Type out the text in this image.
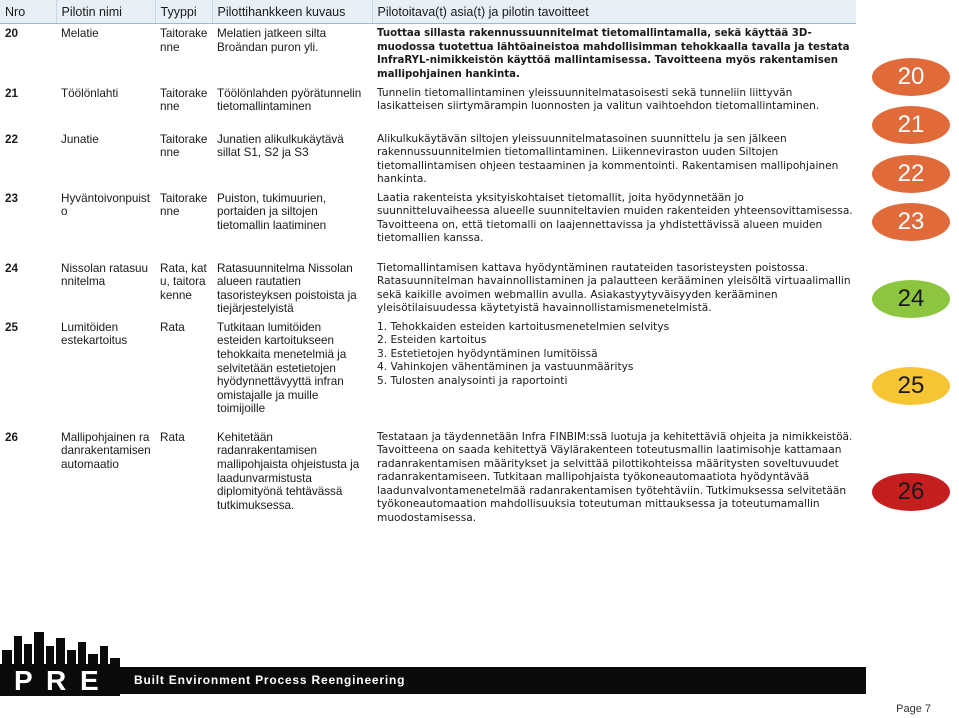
Nro	Pilotin nimi	Tyyppi	Pilottihankkeen kuvaus	Pilotoitava(t) asia(t) ja pilotin tavoitteet
20	Melatie	Taitorakenne	Melatien jatkeen silta Broändan puron yli.	Tuottaa sillasta rakennussuunnitelmat tietomallintamalla, sekä käyttää 3D-muodossa tuotettua lähtöaineistoa mahdollisimman tehokkaalla tavalla ja testata InfraRYL-nimikkeistön käyttöä mallintamisessa. Tavoitteena myös rakentamisen mallipohjainen hankinta.
21	Töölönlahti	Taitorakenne	Töölönlahden pyörätunnelin tietomallintaminen	Tunnelin tietomallintaminen yleissuunnitelmatasoisesti sekä tunneliin liittyvän lasikatteisen siirtymärampin luonnosten ja valitun vaihtoehdon tietomallintaminen.
22	Junatie	Taitorakenne	Junatien alikulkukäytävä sillat S1, S2 ja S3	Alikulkukäytävän siltojen yleissuunnitelmatasoinen suunnittelu ja sen jälkeen rakennussuunnitelmien tietomallintaminen. Liikenneviraston uuden Siltojen tietomallintamisen ohjeen testaaminen ja kommentointi. Rakentamisen mallipohjainen hankinta.
23	Hyväntoivonpuisto	Taitorakenne	Puiston, tukimuurien, portaiden ja siltojen tietomallin laatiminen	Laatia rakenteista yksityiskohtaiset tietomallit, joita hyödynnetään jo suunnitteluvaiheessa alueelle suunniteltavien muiden rakenteiden yhteensovittamisessa. Tavoitteena on, että tietomalli on laajennettavissa ja yhdistettävissä alueen muiden tietomallien kanssa.
24	Nissolan ratasuunnitelma	Rata, katu, taitorakenne	Ratasuunnitelma Nissolan alueen rautatien tasoristeyksen poistoista ja tiejärjestelyistä	Tietomallintamisen kattava hyödyntäminen rautateiden tasoristeysten poistossa. Ratasuunnitelman havainnollistaminen ja palautteen kerääminen yleisöltä virtuaalimallin sekä kaikille avoimen webmallin avulla. Asiakastyytyväisyyden kerääminen yleisötilaisuudessa käytetyistä havainnollistamismenetelmistä.
25	Lumitöiden estekartoitus	Rata	Tutkitaan lumitöiden esteiden kartoitukseen tehokkaita menetelmiä ja selvitetään estetietojen hyödynnettävyyttä infran omistajalle ja muille toimijoille	1. Tehokkaiden esteiden kartoitusmenetelmien selvitys
2. Esteiden kartoitus
3. Estetietojen hyödyntäminen lumitöissä
4. Vahinkojen vähentäminen ja vastuunmääritys
5. Tulosten analysointi ja raportointi

26	Mallipohjainen radanrakentamisen automaatio	Rata	Kehitetään radanrakentamisen mallipohjaista ohjeistusta ja laadunvarmistusta diplomityönä tehtävässä tutkimuksessa.	Testataan ja täydennetään Infra FINBIM:ssä luotuja ja kehitettäviä ohjeita ja nimikkeistöä. Tavoitteena on saada kehitettyä Väylärakenteen toteutusmallin laatimisohje kattamaan radanrakentamisen määritykset ja selvittää pilottikohteissa määritysten soveltuvuudet radanrakentamiseen. Tutkitaan mallipohjaista työkoneautomaatiota hyödyntävää laadunvalvontamenetelmää radanrakentamisen työtehtäviin. Tutkimuksessa selvitetään työkoneautomaation mahdollisuuksia toteutuman mittauksessa ja toteutumamallin muodostamisessa.
20
21
22
23
24
25
26
P R E	Built Environment Process Reengineering
Page 7
